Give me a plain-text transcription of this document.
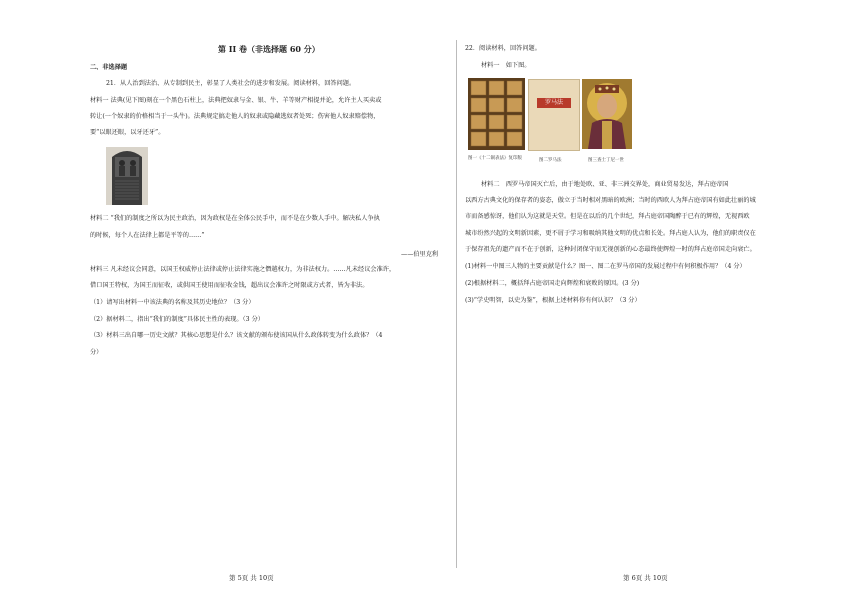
第 II 卷（非选择题 60 分）
二、非选择题
21．从人治到法治、从专制到民主，彰显了人类社会的进步和发展。阅读材料，回答问题。
材料一 法典(见下图)刻在一个黑色石柱上，法典把奴隶与金、银、牛、羊等财产相提并论，允许主人买卖或
转让(一个奴隶的价格相当于一头牛)。法典规定搞走他人的奴隶或隐藏逃奴者处死；伤害他人奴隶赔偿物，
要“以眼还眼，以牙还牙”。
材料二 “我们的制度之所以为民主政治，因为政权是在全体公民手中，而不是在少数人手中。解决私人争执
的时候，每个人在法律上都是平等的……”
——伯里克利
材料三 凡未经议会同意，以国王权威停止法律或停止法律实施之僭越权力，为非法权力。……凡未经议会准许，
借口国王特权，为国王而征收，或供国王使用而征收金钱，超出议会准许之时限或方式者，皆为非法。
（1）请写出材料一中该法典的名称及其历史地位？（3 分）
（2）据材料二，指出“我们的制度”具体民主性的表现。（3 分）
（3）材料三出自哪一历史文献？其核心思想是什么？该文献的颁布使该国从什么政体转变为什么政体？（4
分）
第 5页 共 10页
22．阅读材料，回答问题。
材料一　如下图。
罗马法
图一《十二铜表法》复印版	图二罗马法	图三查士丁尼一世
材料二　西罗马帝国灭亡后，由于地处欧、亚、非三洲交界处，商业贸易发达，拜占庭帝国
以西方古典文化的保存者的姿态，傲立于当时相对黑暗的欧洲；当时的西欧人为拜占庭帝国有如此壮丽的城
市而备感惊讶，他们认为这就是天堂。但是在以后的几个世纪，拜占庭帝国陶醉于已有的辉煌，无视西欧
城市纷然兴起的文明新因素，更不屑于学习和吸纳其他文明的优点和长处。拜占庭人认为，他们的职责仅在
于保存祖先的遗产而不在于创新，这种封闭保守而无视创新的心态最终使辉煌一时的拜占庭帝国走向衰亡。
(1)材料一中图三人物的主要贡献是什么？图一、图二在罗马帝国的发展过程中有何积极作用？（4 分）
(2)根据材料二，概括拜占庭帝国走向辉煌和衰败的原因。(3 分)
(3)“学史明智，以史为鉴”，根据上述材料你有何认识？（3 分）
第 6页 共 10页
